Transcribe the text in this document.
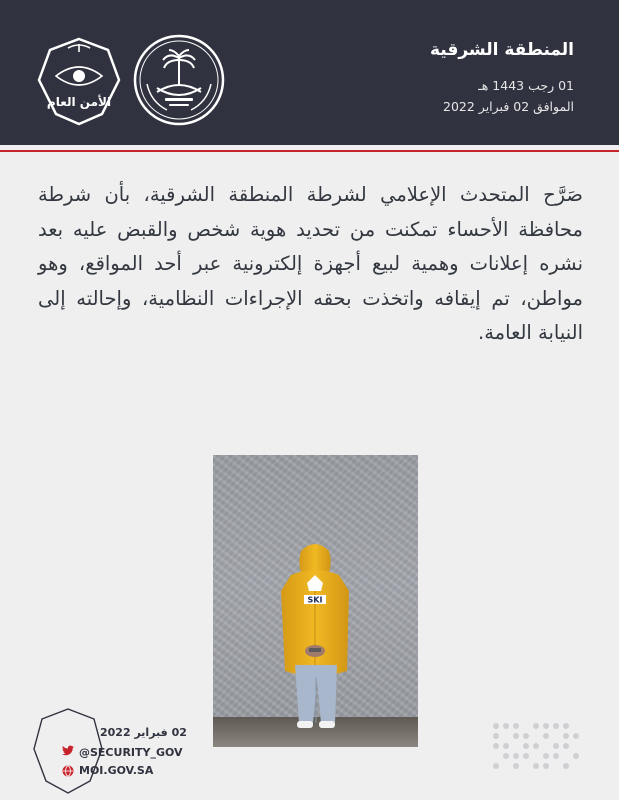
المنطقة الشرقية
01 رجب 1443 هـ
الموافق 02 فبراير 2022
الأمن العام
صَرَّح المتحدث الإعلامي لشرطة المنطقة الشرقية، بأن شرطة محافظة الأحساء تمكنت من تحديد هوية شخص والقبض عليه بعد نشره إعلانات وهمية لبيع أجهزة إلكترونية عبر أحد المواقع، وهو مواطن، تم إيقافه واتخذت بحقه الإجراءات النظامية، وإحالته إلى النيابة العامة.
SKI
02 فبراير 2022
@SECURITY_GOV
MOI.GOV.SA
